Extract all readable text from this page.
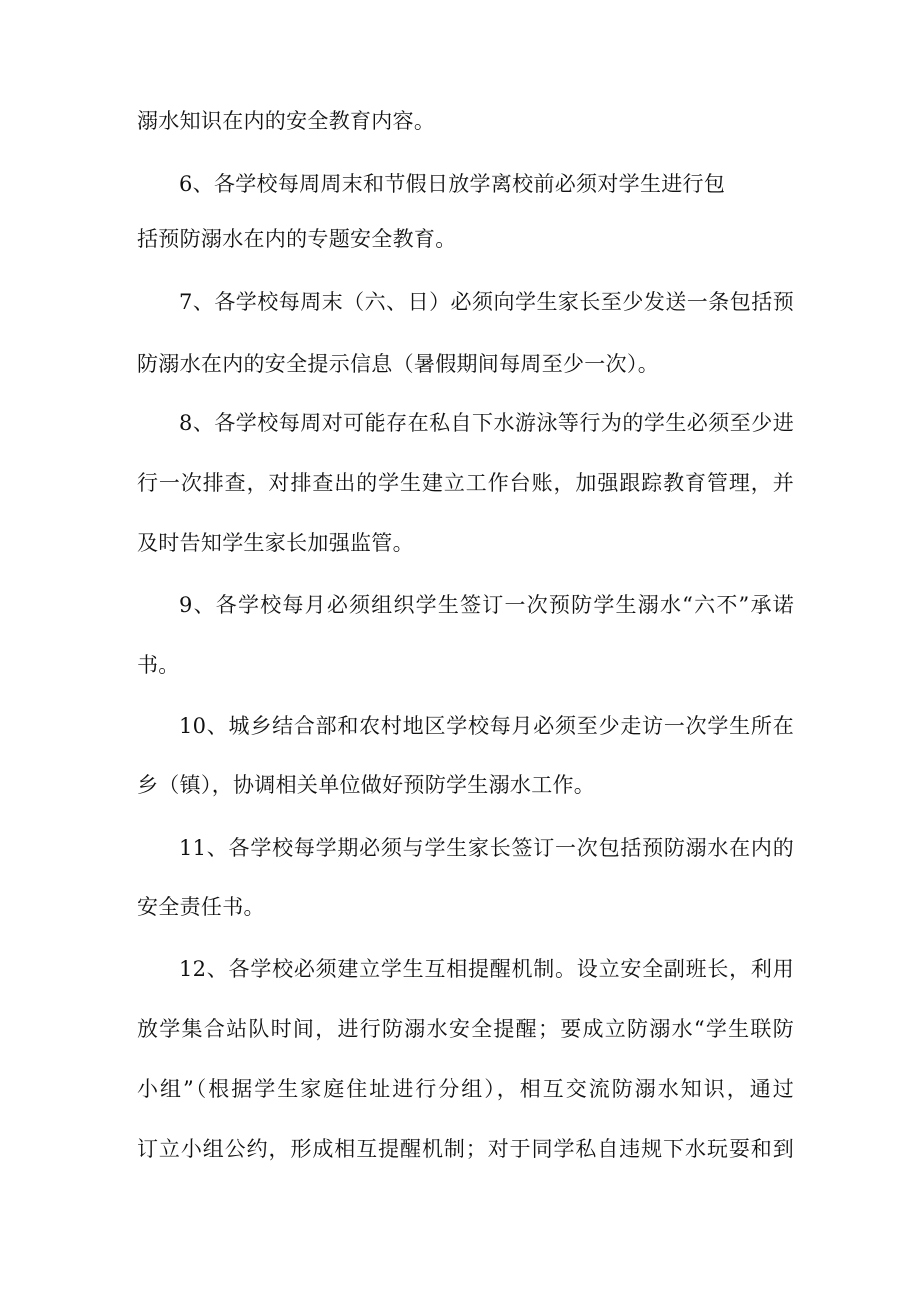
溺水知识在内的安全教育内容。
6、各学校每周周末和节假日放学离校前必须对学生进行包
括预防溺水在内的专题安全教育。
7、各学校每周末（六、日）必须向学生家长至少发送一条包括预
防溺水在内的安全提示信息（暑假期间每周至少一次）。
8、各学校每周对可能存在私自下水游泳等行为的学生必须至少进
行一次排查，对排查出的学生建立工作台账，加强跟踪教育管理，并
及时告知学生家长加强监管。
9、各学校每月必须组织学生签订一次预防学生溺水“六不”承诺
书。
10、城乡结合部和农村地区学校每月必须至少走访一次学生所在
乡（镇），协调相关单位做好预防学生溺水工作。
11、各学校每学期必须与学生家长签订一次包括预防溺水在内的
安全责任书。
12、各学校必须建立学生互相提醒机制。设立安全副班长，利用
放学集合站队时间，进行防溺水安全提醒；要成立防溺水“学生联防
小组”（根据学生家庭住址进行分组），相互交流防溺水知识，通过
订立小组公约，形成相互提醒机制；对于同学私自违规下水玩耍和到
